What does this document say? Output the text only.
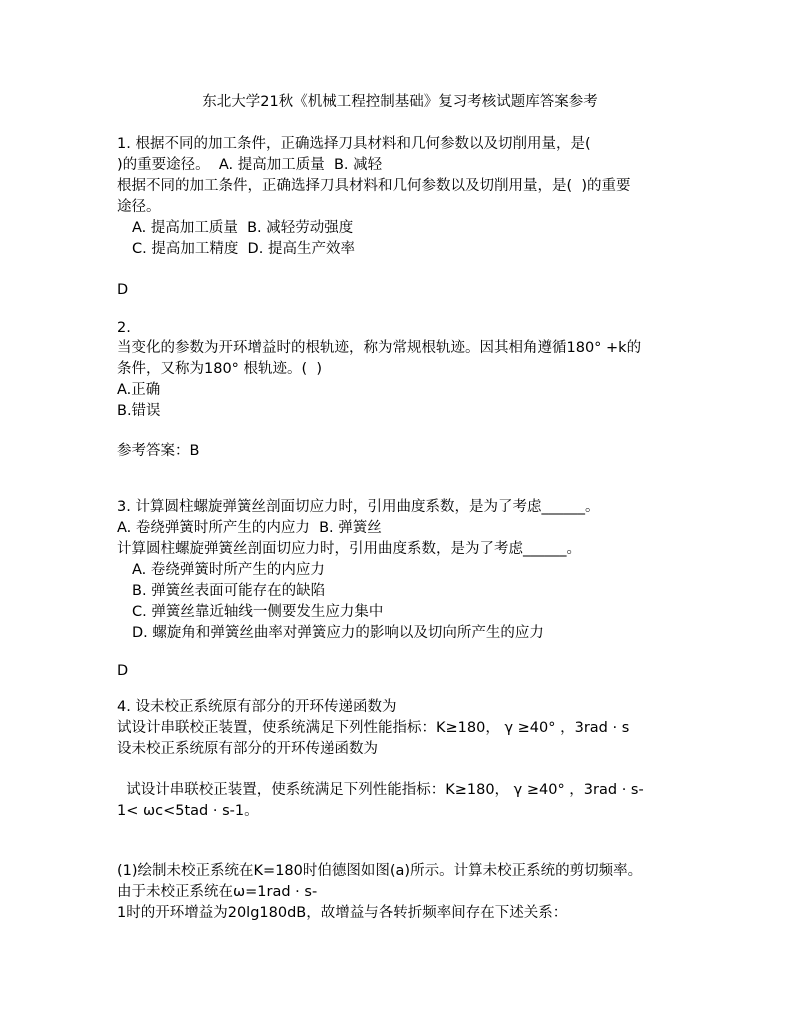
东北大学21秋《机械工程控制基础》复习考核试题库答案参考

1. 根据不同的加工条件，正确选择刀具材料和几何参数以及切削用量，是(

)的重要途径。  A. 提高加工质量  B. 减轻

根据不同的加工条件，正确选择刀具材料和几何参数以及切削用量，是(  )的重要

途径。

A. 提高加工质量  B. 减轻劳动强度

C. 提高加工精度  D. 提高生产效率

D

2.

当变化的参数为开环增益时的根轨迹，称为常规根轨迹。因其相角遵循180° +k的

条件，又称为180° 根轨迹。(  )

A.正确

B.错误

参考答案：B

3. 计算圆柱螺旋弹簧丝剖面切应力时，引用曲度系数，是为了考虑______。

A. 卷绕弹簧时所产生的内应力  B. 弹簧丝

计算圆柱螺旋弹簧丝剖面切应力时，引用曲度系数，是为了考虑______。

A. 卷绕弹簧时所产生的内应力

B. 弹簧丝表面可能存在的缺陷

C. 弹簧丝靠近轴线一侧要发生应力集中

D. 螺旋角和弹簧丝曲率对弹簧应力的影响以及切向所产生的应力

D

4. 设未校正系统原有部分的开环传递函数为

试设计串联校正装置，使系统满足下列性能指标：K≥180， γ ≥40° ，3rad · s

设未校正系统原有部分的开环传递函数为

试设计串联校正装置，使系统满足下列性能指标：K≥180， γ ≥40° ，3rad · s-

1< ωc<5tad · s-1。

(1)绘制未校正系统在K=180时伯德图如图(a)所示。计算未校正系统的剪切频率。

由于未校正系统在ω=1rad · s-

1时的开环增益为20lg180dB，故增益与各转折频率间存在下述关系：
